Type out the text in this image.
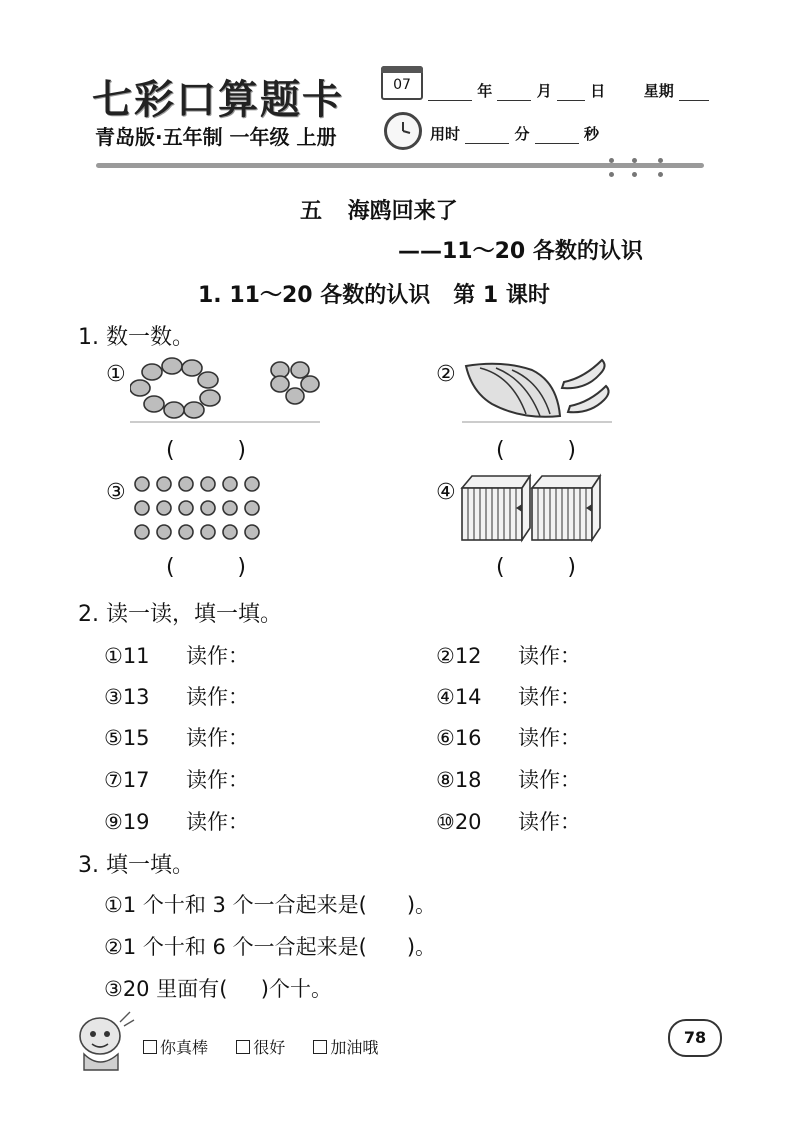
七彩口算题卡
青岛版·五年制 一年级 上册
07	年	月	日	星期
用时	分	秒
五 海鸥回来了
——11～20 各数的认识
1. 11～20 各数的认识   第 1 课时
1. 数一数。
①
(	)
②
(	)
③
(	)
④
(	)
2. 读一读，填一填。
①11 读作：	②12 读作：
③13 读作：	④14 读作：
⑤15 读作：	⑥16 读作：
⑦17 读作：	⑧18 读作：
⑨19 读作：	⑩20 读作：
3. 填一填。
①1 个十和 3 个一合起来是(      )。
②1 个十和 6 个一合起来是(      )。
③20 里面有(     )个十。
你真棒	很好	加油哦
78
